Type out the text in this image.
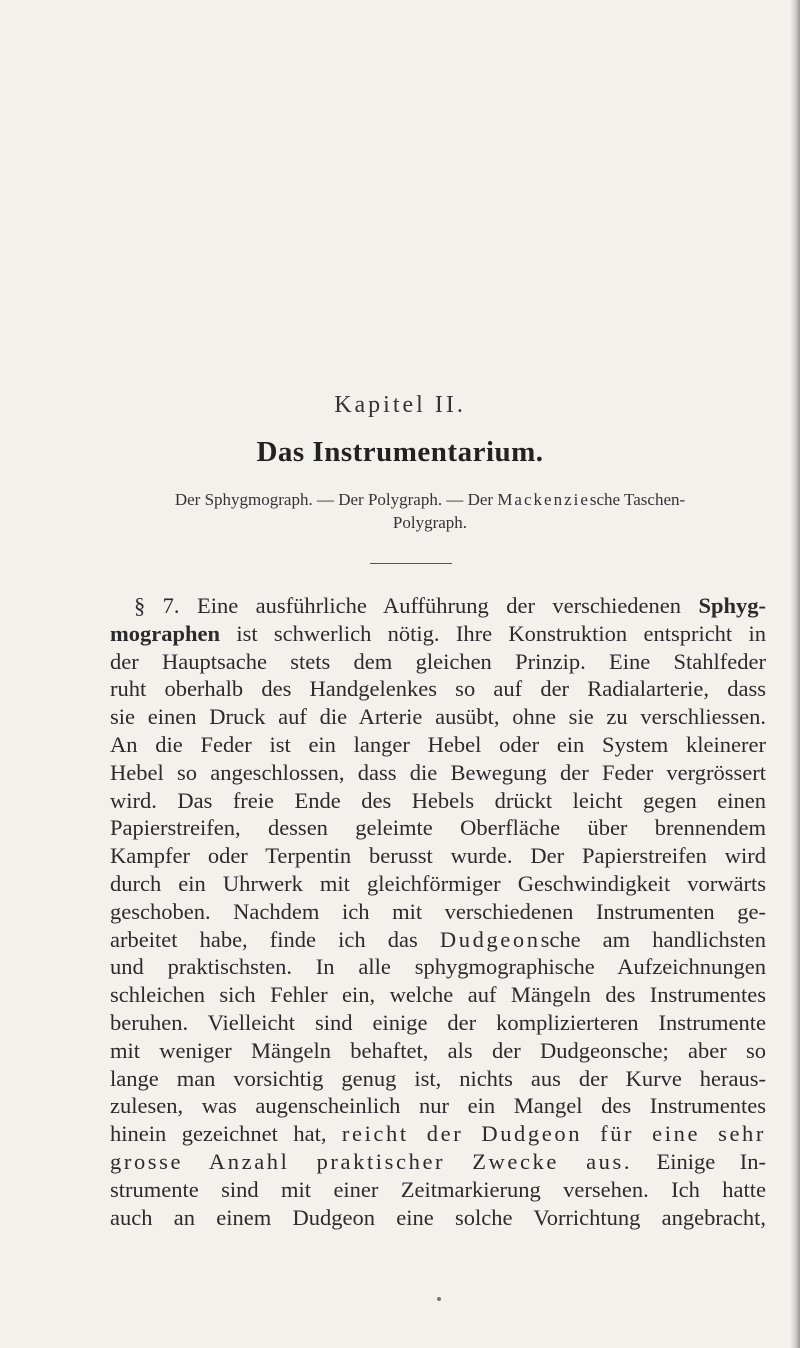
Kapitel II.
Das Instrumentarium.
Der Sphygmograph. — Der Polygraph. — Der Mackenziesche Taschen-
Polygraph.
§ 7. Eine ausführliche Aufführung der verschiedenen Sphyg-
mographen ist schwerlich nötig. Ihre Konstruktion entspricht in
der Hauptsache stets dem gleichen Prinzip. Eine Stahlfeder
ruht oberhalb des Handgelenkes so auf der Radialarterie, dass
sie einen Druck auf die Arterie ausübt, ohne sie zu verschliessen.
An die Feder ist ein langer Hebel oder ein System kleinerer
Hebel so angeschlossen, dass die Bewegung der Feder vergrössert
wird. Das freie Ende des Hebels drückt leicht gegen einen
Papierstreifen, dessen geleimte Oberfläche über brennendem
Kampfer oder Terpentin berusst wurde. Der Papierstreifen wird
durch ein Uhrwerk mit gleichförmiger Geschwindigkeit vorwärts
geschoben. Nachdem ich mit verschiedenen Instrumenten ge-
arbeitet habe, finde ich das Dudgeonsche am handlichsten
und praktischsten. In alle sphygmographische Aufzeichnungen
schleichen sich Fehler ein, welche auf Mängeln des Instrumentes
beruhen. Vielleicht sind einige der komplizierteren Instrumente
mit weniger Mängeln behaftet, als der Dudgeonsche; aber so
lange man vorsichtig genug ist, nichts aus der Kurve heraus-
zulesen, was augenscheinlich nur ein Mangel des Instrumentes
hinein gezeichnet hat, reicht der Dudgeon für eine sehr
grosse Anzahl praktischer Zwecke aus. Einige In-
strumente sind mit einer Zeitmarkierung versehen. Ich hatte
auch an einem Dudgeon eine solche Vorrichtung angebracht,
